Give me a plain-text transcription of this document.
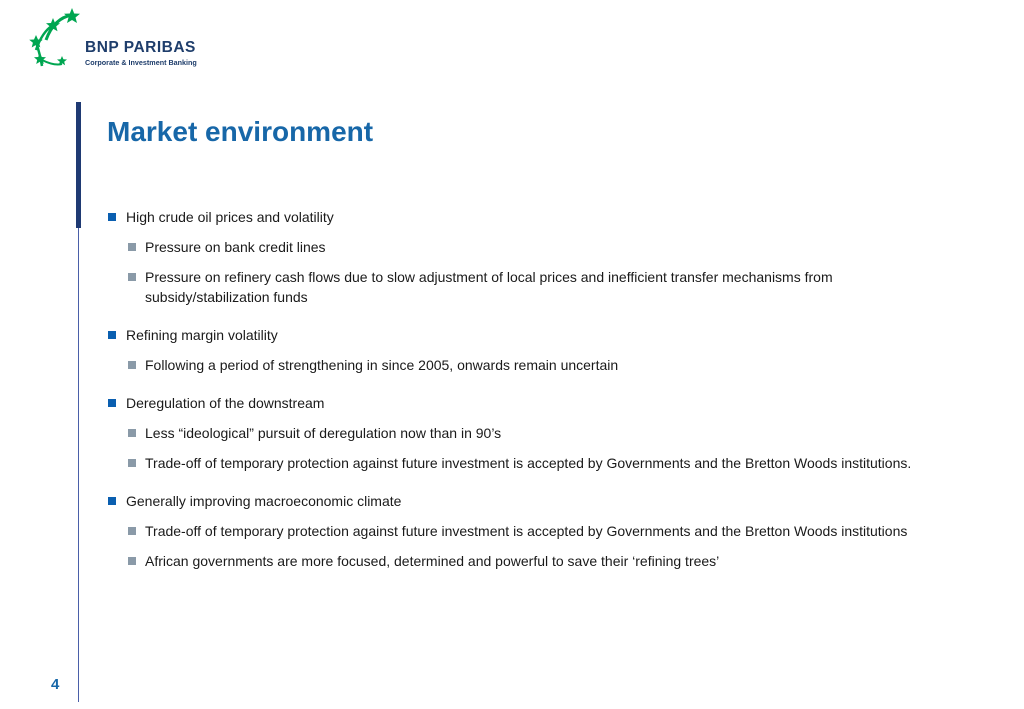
BNP PARIBAS
Corporate & Investment Banking
Market environment
High crude oil prices and volatility
Pressure on bank credit lines
Pressure on refinery cash flows due to slow adjustment of local prices and inefficient transfer mechanisms from subsidy/stabilization funds
Refining margin volatility
Following a period of strengthening in since 2005, onwards remain uncertain
Deregulation of the downstream
Less “ideological” pursuit of deregulation now than in 90’s
Trade-off of temporary protection against future investment is accepted by Governments and the Bretton Woods institutions.
Generally improving macroeconomic climate
Trade-off of temporary protection against future investment is accepted by Governments and the Bretton Woods institutions
African governments are more focused, determined and powerful to save their ‘refining trees’
4
